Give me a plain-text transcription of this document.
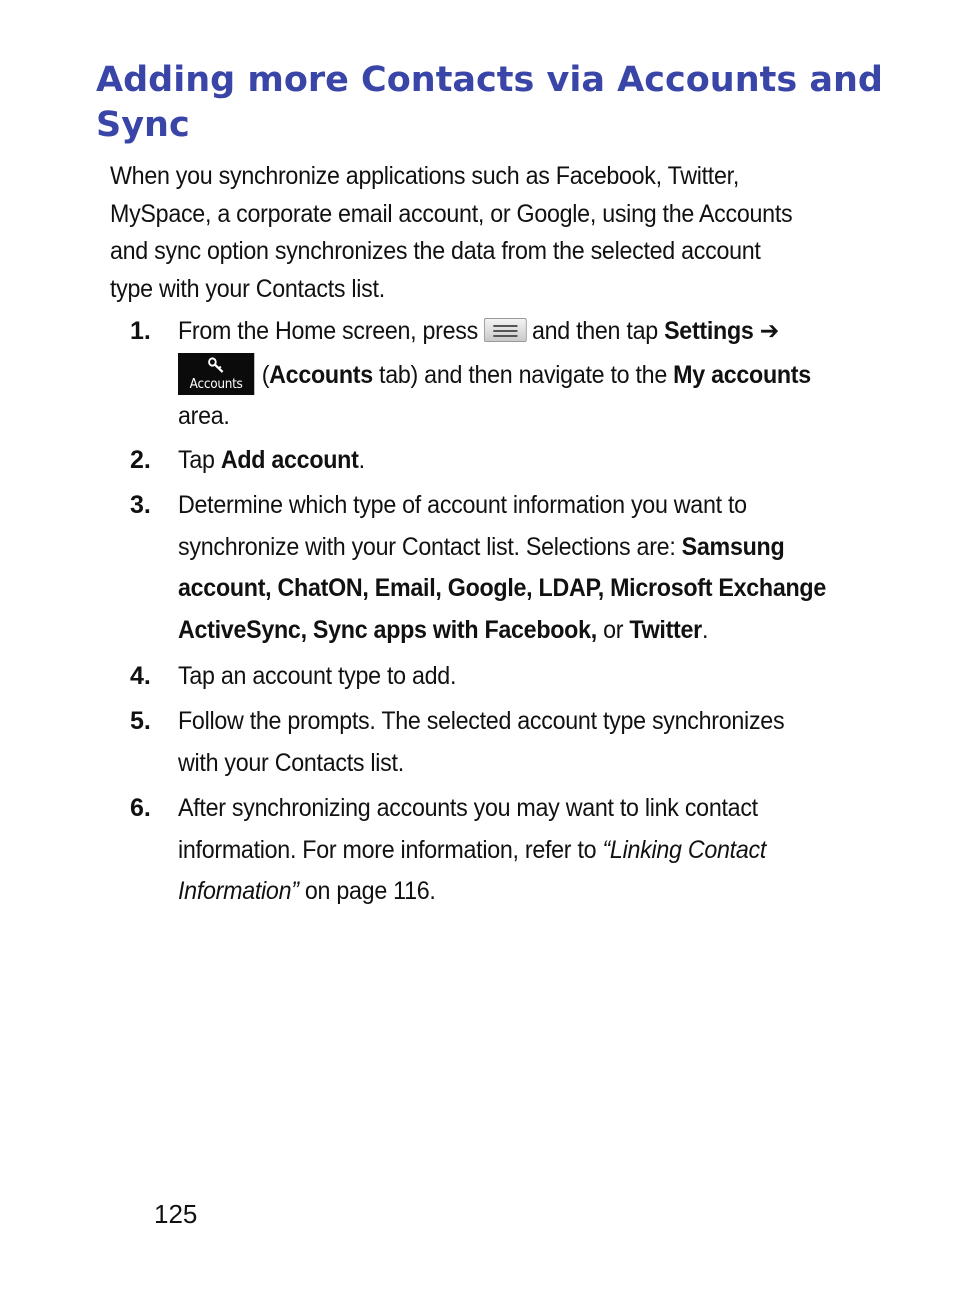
Adding more Contacts via Accounts and Sync

When you synchronize applications such as Facebook, Twitter,
MySpace, a corporate email account, or Google, using the Accounts
and sync option synchronizes the data from the selected account
type with your Contacts list.

1. From the Home screen, press and then tap Settings ➔

Accounts (Accounts tab) and then navigate to the My accounts
area.
2. Tap Add account.
3. Determine which type of account information you want to
synchronize with your Contact list. Selections are: Samsung
account, ChatON, Email, Google, LDAP, Microsoft Exchange
ActiveSync, Sync apps with Facebook, or Twitter.
4. Tap an account type to add.
5. Follow the prompts. The selected account type synchronizes
with your Contacts list.
6. After synchronizing accounts you may want to link contact
information. For more information, refer to “Linking Contact
Information” on page 116.
125
